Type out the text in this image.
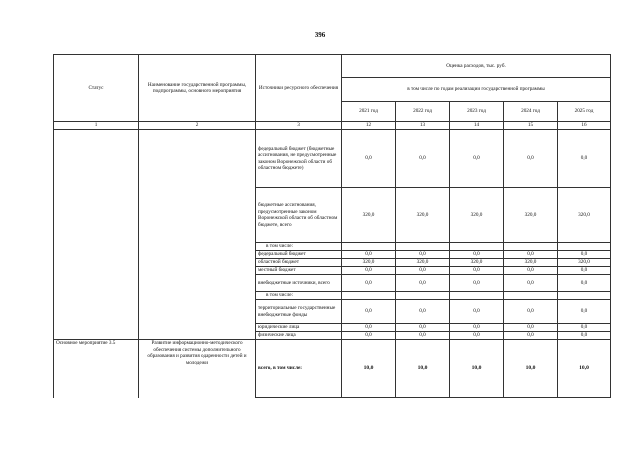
396
Статус	Наименование государственной программы, подпрограммы, основного мероприятия	Источники ресурсного обеспечения	Оценка расходов, тыс. руб.				
			в том числе по годам реализации государственной программы				
			2021 год	2022 год	2023 год	2024 год	2025 год
1	2	3	12	13	14	15	16
		федеральный бюджет (бюджетные ассигнования, не предусмотренные законом Воронежской области об областном бюджете)	0,0	0,0	0,0	0,0	0,0
		бюджетные ассигнования, предусмотренные законом Воронежской области об областном бюджете, всего	320,0	320,0	320,0	320,0	320,0
		в том числе:					
		федеральный бюджет	0,0	0,0	0,0	0,0	0,0
		областной бюджет	320,0	320,0	320,0	320,0	320,0
		местный бюджет	0,0	0,0	0,0	0,0	0,0
		внебюджетные источники, всего	0,0	0,0	0,0	0,0	0,0
		в том числе:					
		территориальные государственные внебюджетные фонды	0,0	0,0	0,0	0,0	0,0
		юридические лица	0,0	0,0	0,0	0,0	0,0
		физические лица	0,0	0,0	0,0	0,0	0,0
Основное мероприятие 3.5	Развитие информационно-методического обеспечения системы дополнительного образования и развития одаренности детей и молодежи	всего, в том числе:	10,0	10,0	10,0	10,0	10,0
